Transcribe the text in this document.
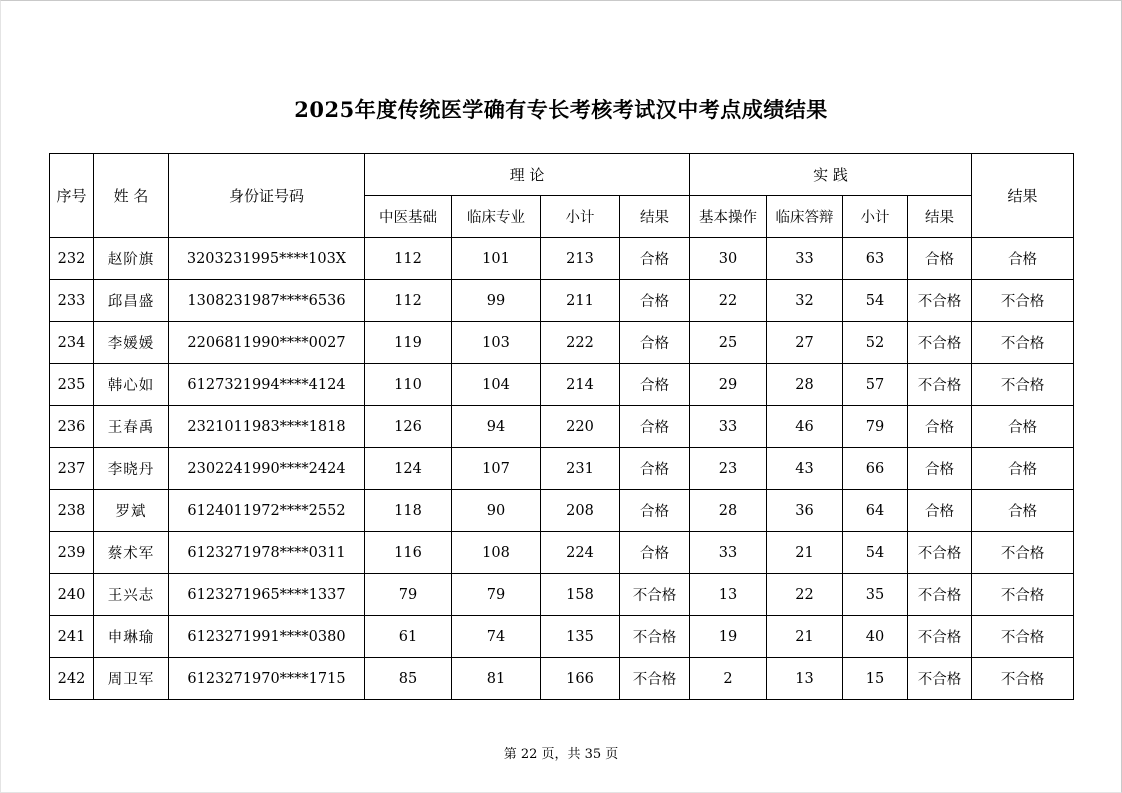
2025年度传统医学确有专长考核考试汉中考点成绩结果
序号	姓 名	身份证号码	理 论				实 践				结果
			中医基础	临床专业	小计	结果	基本操作	临床答辩	小计	结果	
232	赵阶旗	3203231995****103X	112	101	213	合格	30	33	63	合格	合格
233	邱昌盛	1308231987****6536	112	99	211	合格	22	32	54	不合格	不合格
234	李媛媛	2206811990****0027	119	103	222	合格	25	27	52	不合格	不合格
235	韩心如	6127321994****4124	110	104	214	合格	29	28	57	不合格	不合格
236	王春禹	2321011983****1818	126	94	220	合格	33	46	79	合格	合格
237	李晓丹	2302241990****2424	124	107	231	合格	23	43	66	合格	合格
238	罗斌	6124011972****2552	118	90	208	合格	28	36	64	合格	合格
239	蔡术军	6123271978****0311	116	108	224	合格	33	21	54	不合格	不合格
240	王兴志	6123271965****1337	79	79	158	不合格	13	22	35	不合格	不合格
241	申琳瑜	6123271991****0380	61	74	135	不合格	19	21	40	不合格	不合格
242	周卫军	6123271970****1715	85	81	166	不合格	2	13	15	不合格	不合格
第 22 页，共 35 页
